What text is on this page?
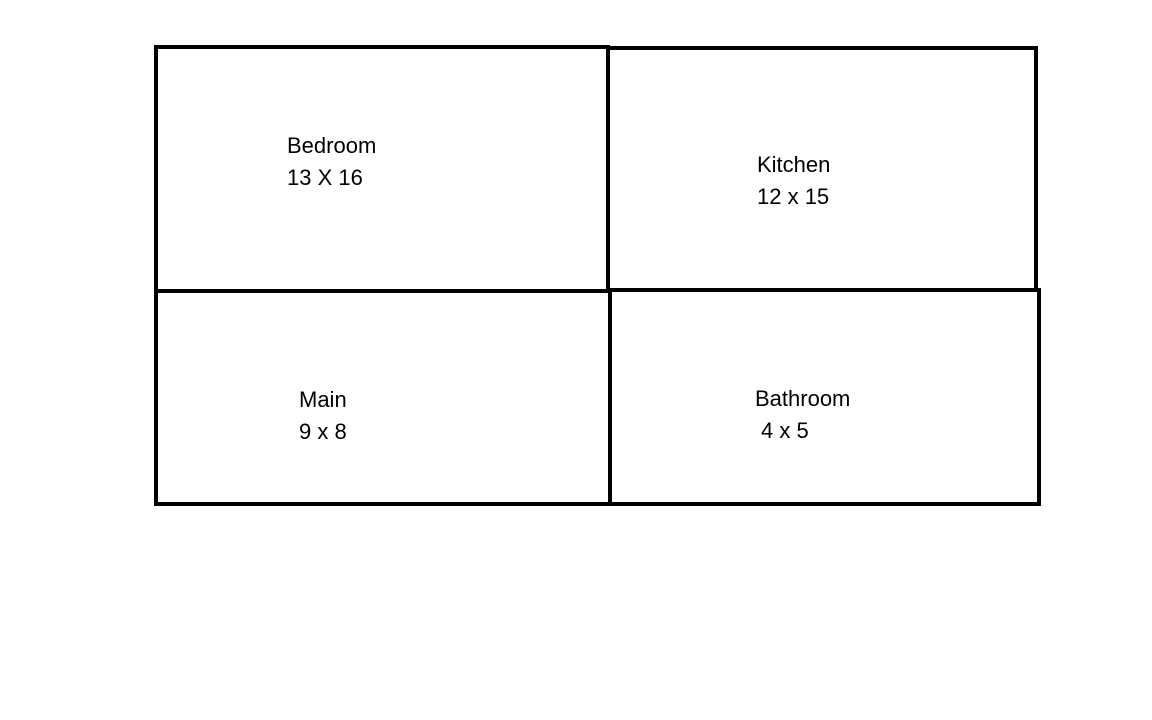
Bedroom
13 X 16
Kitchen
12 x 15
Main
9 x 8
Bathroom
4 x 5
